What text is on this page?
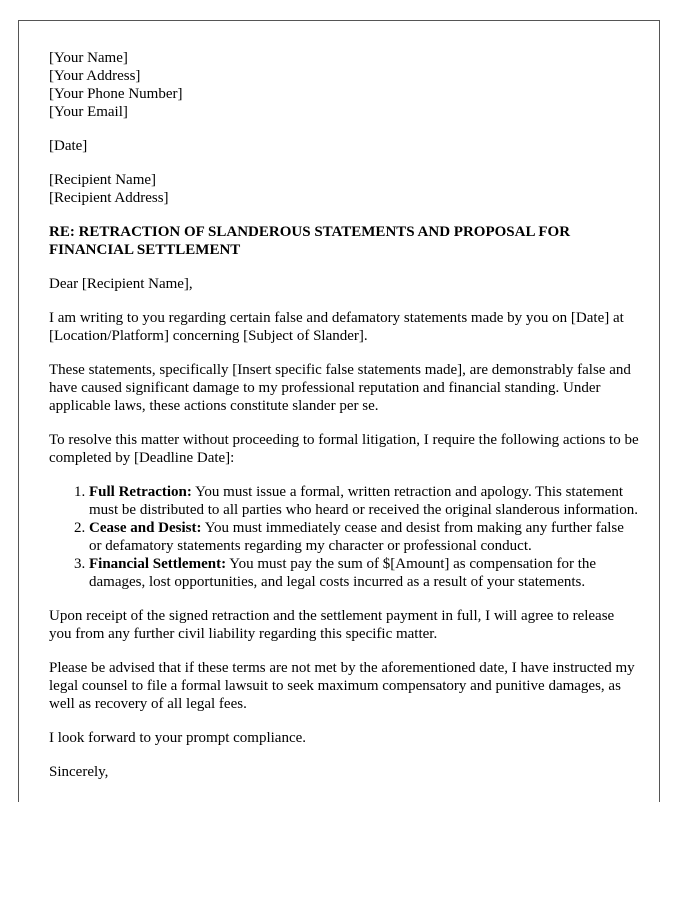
[Your Name]
[Your Address]
[Your Phone Number]
[Your Email]
[Date]
[Recipient Name]
[Recipient Address]
RE: RETRACTION OF SLANDEROUS STATEMENTS AND PROPOSAL FOR FINANCIAL SETTLEMENT

Dear [Recipient Name],

I am writing to you regarding certain false and defamatory statements made by you on [Date] at [Location/Platform] concerning [Subject of Slander].

These statements, specifically [Insert specific false statements made], are demonstrably false and have caused significant damage to my professional reputation and financial standing. Under applicable laws, these actions constitute slander per se.

To resolve this matter without proceeding to formal litigation, I require the following actions to be completed by [Deadline Date]:

1. Full Retraction: You must issue a formal, written retraction and apology. This statement must be distributed to all parties who heard or received the original slanderous information.
2. Cease and Desist: You must immediately cease and desist from making any further false or defamatory statements regarding my character or professional conduct.
3. Financial Settlement: You must pay the sum of $[Amount] as compensation for the damages, lost opportunities, and legal costs incurred as a result of your statements.

Upon receipt of the signed retraction and the settlement payment in full, I will agree to release you from any further civil liability regarding this specific matter.

Please be advised that if these terms are not met by the aforementioned date, I have instructed my legal counsel to file a formal lawsuit to seek maximum compensatory and punitive damages, as well as recovery of all legal fees.

I look forward to your prompt compliance.

Sincerely,
